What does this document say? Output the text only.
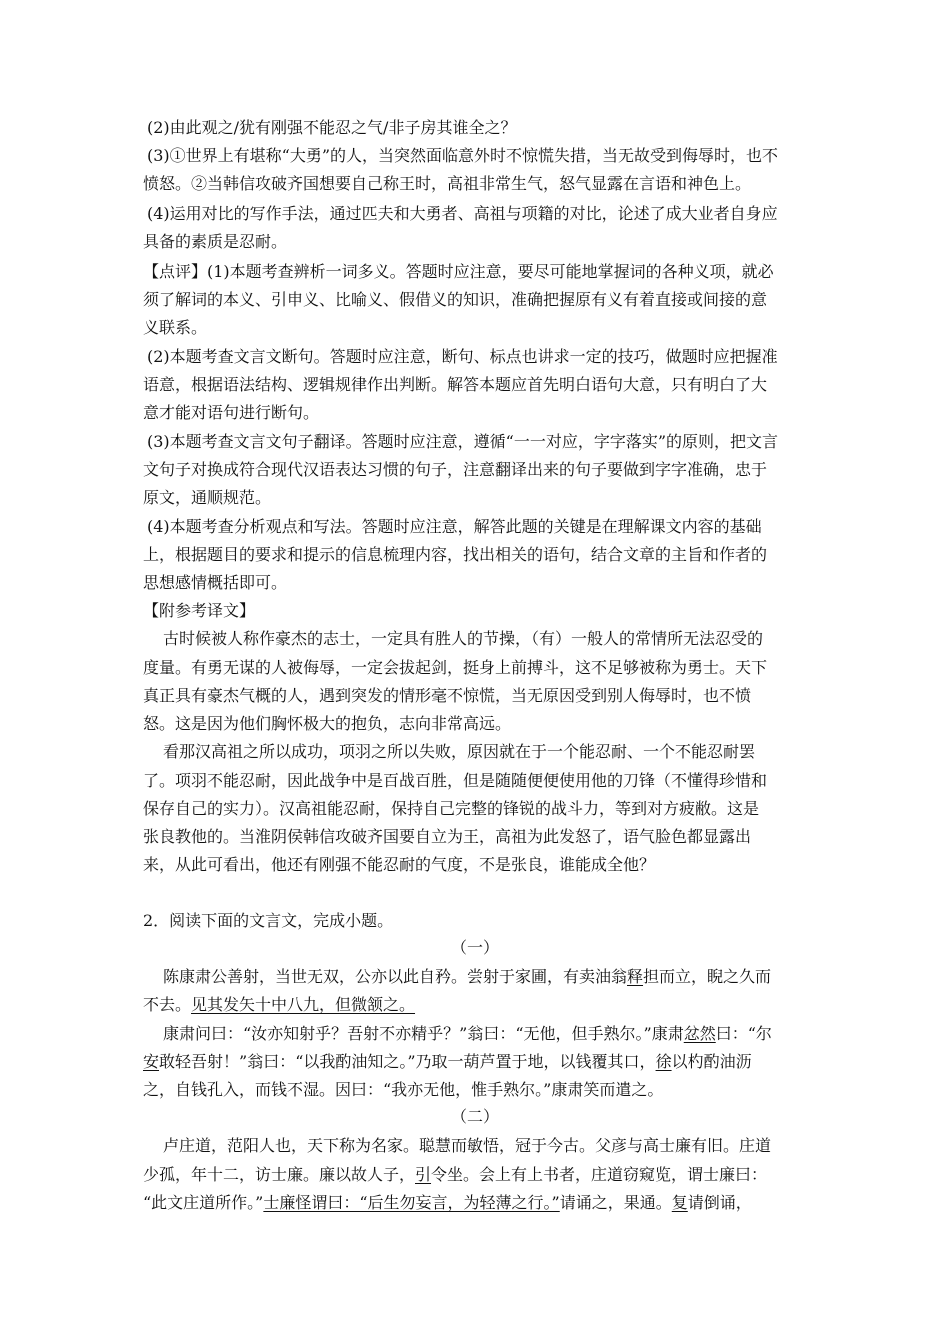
(2)由此观之/犹有刚强不能忍之气/非子房其谁全之？
(3)①世界上有堪称“大勇”的人，当突然面临意外时不惊慌失措，当无故受到侮辱时，也不
愤怒。②当韩信攻破齐国想要自己称王时，高祖非常生气，怒气显露在言语和神色上。
(4)运用对比的写作手法，通过匹夫和大勇者、高祖与项籍的对比，论述了成大业者自身应
具备的素质是忍耐。
【点评】(1)本题考查辨析一词多义。答题时应注意，要尽可能地掌握词的各种义项，就必
须了解词的本义、引申义、比喻义、假借义的知识，准确把握原有义有着直接或间接的意
义联系。
(2)本题考查文言文断句。答题时应注意，断句、标点也讲求一定的技巧，做题时应把握准
语意，根据语法结构、逻辑规律作出判断。解答本题应首先明白语句大意，只有明白了大
意才能对语句进行断句。
(3)本题考查文言文句子翻译。答题时应注意，遵循“一一对应，字字落实”的原则，把文言
文句子对换成符合现代汉语表达习惯的句子，注意翻译出来的句子要做到字字准确，忠于
原文，通顺规范。
(4)本题考查分析观点和写法。答题时应注意，解答此题的关键是在理解课文内容的基础
上，根据题目的要求和提示的信息梳理内容，找出相关的语句，结合文章的主旨和作者的
思想感情概括即可。
【附参考译文】
古时候被人称作豪杰的志士，一定具有胜人的节操，（有）一般人的常情所无法忍受的
度量。有勇无谋的人被侮辱，一定会拔起剑，挺身上前搏斗，这不足够被称为勇士。天下
真正具有豪杰气概的人，遇到突发的情形毫不惊慌，当无原因受到别人侮辱时，也不愤
怒。这是因为他们胸怀极大的抱负，志向非常高远。
看那汉高祖之所以成功，项羽之所以失败，原因就在于一个能忍耐、一个不能忍耐罢
了。项羽不能忍耐，因此战争中是百战百胜，但是随随便便使用他的刀锋（不懂得珍惜和
保存自己的实力）。汉高祖能忍耐，保持自己完整的锋锐的战斗力，等到对方疲敝。这是
张良教他的。当淮阴侯韩信攻破齐国要自立为王，高祖为此发怒了，语气脸色都显露出
来，从此可看出，他还有刚强不能忍耐的气度，不是张良，谁能成全他？
2．阅读下面的文言文，完成小题。
（一）
陈康肃公善射，当世无双，公亦以此自矜。尝射于家圃，有卖油翁释担而立，睨之久而
不去。见其发矢十中八九，但微颔之。
康肃问曰：“汝亦知射乎？吾射不亦精乎？”翁曰：“无他，但手熟尔。”康肃忿然曰：“尔
安敢轻吾射！”翁曰：“以我酌油知之。”乃取一葫芦置于地，以钱覆其口，徐以杓酌油沥
之，自钱孔入，而钱不湿。因曰：“我亦无他，惟手熟尔。”康肃笑而遣之。
（二）
卢庄道，范阳人也，天下称为名家。聪慧而敏悟，冠于今古。父彦与高士廉有旧。庄道
少孤，年十二，访士廉。廉以故人子，引令坐。会上有上书者，庄道窃窥览，谓士廉曰：
“此文庄道所作。”士廉怪谓曰：“后生勿妄言，为轻薄之行。”请诵之，果通。复请倒诵，
